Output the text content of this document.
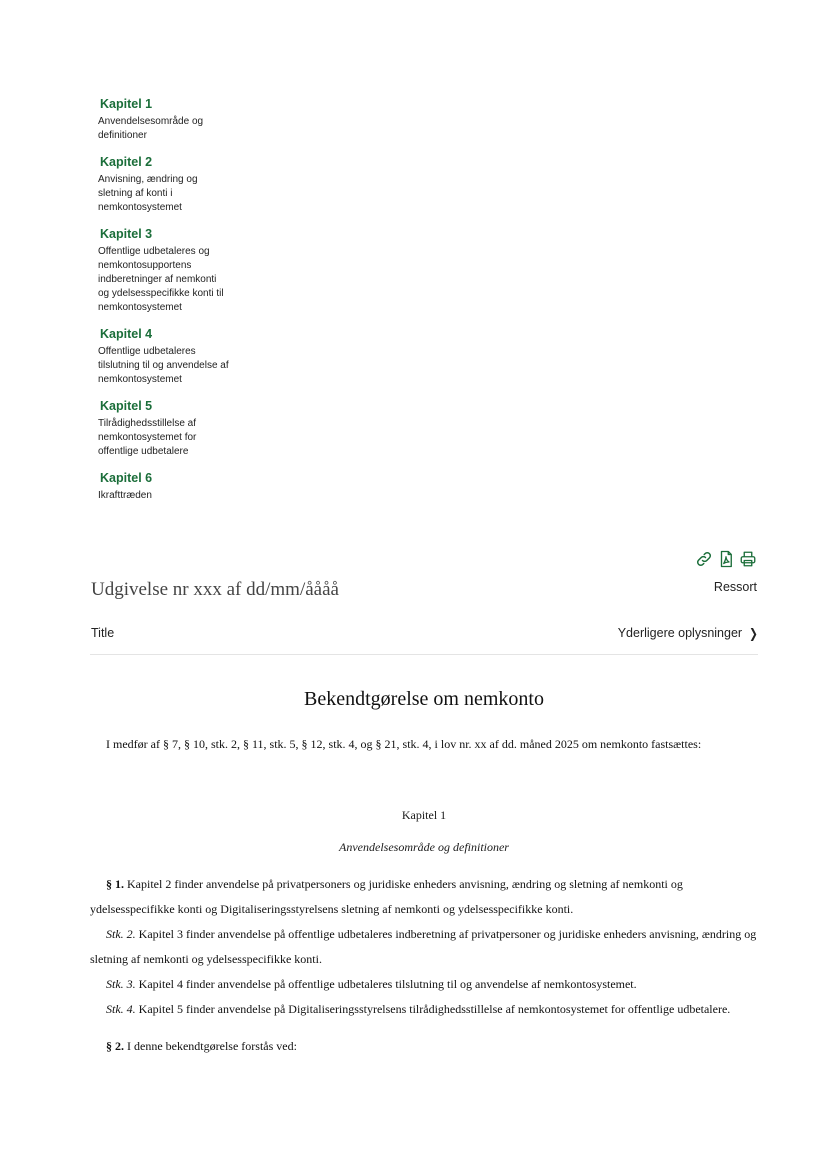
Kapitel 1
Anvendelsesområde og
definitioner
Kapitel 2
Anvisning, ændring og
sletning af konti i
nemkontosystemet
Kapitel 3
Offentlige udbetaleres og
nemkontosupportens
indberetninger af nemkonti
og ydelsesspecifikke konti til
nemkontosystemet
Kapitel 4
Offentlige udbetaleres
tilslutning til og anvendelse af
nemkontosystemet
Kapitel 5
Tilrådighedsstillelse af
nemkontosystemet for
offentlige udbetalere
Kapitel 6
Ikrafttræden
Udgivelse nr xxx af dd/mm/åååå	Ressort
Title	Yderligere oplysninger ❯
Bekendtgørelse om nemkonto

I medfør af § 7, § 10, stk. 2, § 11, stk. 5, § 12, stk. 4, og § 21, stk. 4, i lov nr. xx af dd. måned 2025 om nemkonto fastsættes:

Kapitel 1
Anvendelsesområde og definitioner

§ 1. Kapitel 2 finder anvendelse på privatpersoners og juridiske enheders anvisning, ændring og sletning af nemkonti og ydelsesspecifikke konti og Digitaliseringsstyrelsens sletning af nemkonti og ydelsesspecifikke konti.

Stk. 2. Kapitel 3 finder anvendelse på offentlige udbetaleres indberetning af privatpersoner og juridiske enheders anvisning, ændring og sletning af nemkonti og ydelsesspecifikke konti.

Stk. 3. Kapitel 4 finder anvendelse på offentlige udbetaleres tilslutning til og anvendelse af nemkontosystemet.

Stk. 4. Kapitel 5 finder anvendelse på Digitaliseringsstyrelsens tilrådighedsstillelse af nemkontosystemet for offentlige udbetalere.

§ 2. I denne bekendtgørelse forstås ved:
